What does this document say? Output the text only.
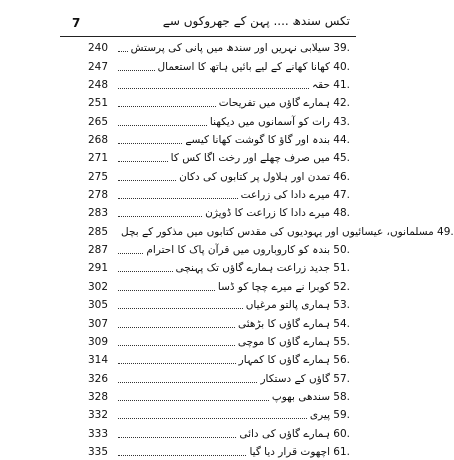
7	تکس سندھ .... پہن کے جھروکوں سے
240	سیلابی نہریں اور سندھ میں پانی کی پرستش 39.
247	کھانا کھانے کے لیے بائیں ہاتھ کا استعمال 40.
248	حقہ 41.
251	ہمارے گاؤں میں تفریحات 42.
265	رات کو آسمانوں میں دیکھنا 43.
268	بندہ اور گاؤ کا گوشت کھانا کیسے 44.
271	میں صرف چھلے اور رخت اگا کس کا 45.
275	تمدن اور ہلاول پر کتابوں کی دکان 46.
278	میرے دادا کی زراعت 47.
283	میرے دادا کا زراعت کا ڈویژن 48.
285	مسلمانوں، عیسائیوں اور یہودیوں کی مقدس کتابوں میں مذکور کے بچل 49.
287	بندہ کو کاروباروں میں قرآن پاک کا احترام 50.
291	جدید زراعت ہمارے گاؤں تک پہنچی 51.
302	کوبرا نے میرے چچا کو ڈسا 52.
305	ہماری پالتو مرغیاں 53.
307	ہمارے گاؤں کا بڑھئی 54.
309	ہمارے گاؤں کا موچی 55.
314	ہمارے گاؤں کا کمہار 56.
326	گاؤں کے دستکار 57.
328	سندھی بھوپ 58.
332	پیری 59.
333	ہمارے گاؤں کی دائی 60.
335	اچھوت قرار دیا گیا 61.
